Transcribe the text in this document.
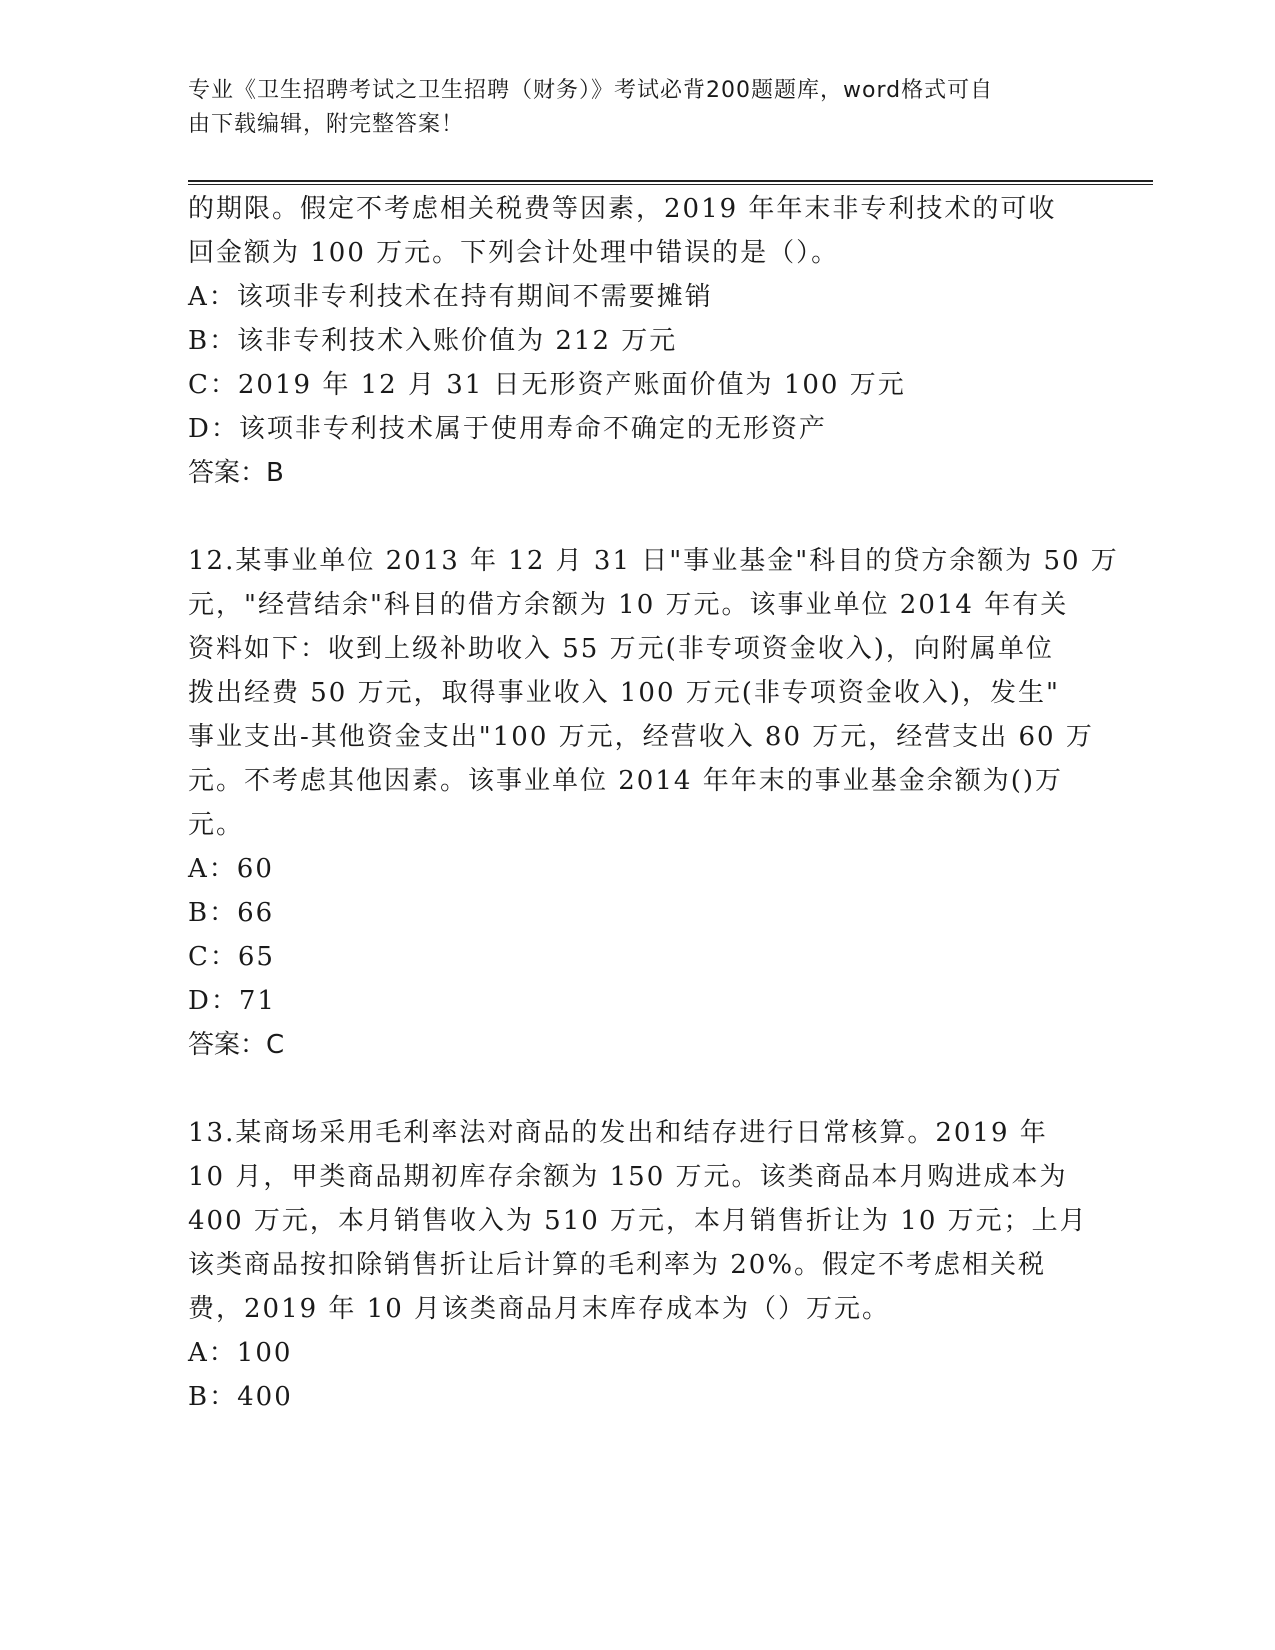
专业《卫生招聘考试之卫生招聘（财务）》考试必背200题题库，word格式可自
由下载编辑，附完整答案！
的期限。假定不考虑相关税费等因素，2019 年年末非专利技术的可收
回金额为 100 万元。下列会计处理中错误的是（）。
A：该项非专利技术在持有期间不需要摊销
B：该非专利技术入账价值为 212 万元
C：2019 年 12 月 31 日无形资产账面价值为 100 万元
D：该项非专利技术属于使用寿命不确定的无形资产
答案：B
12.某事业单位 2013 年 12 月 31 日"事业基金"科目的贷方余额为 50 万
元，"经营结余"科目的借方余额为 10 万元。该事业单位 2014 年有关
资料如下：收到上级补助收入 55 万元(非专项资金收入)，向附属单位
拨出经费 50 万元，取得事业收入 100 万元(非专项资金收入)，发生"
事业支出-其他资金支出"100 万元，经营收入 80 万元，经营支出 60 万
元。不考虑其他因素。该事业单位 2014 年年末的事业基金余额为()万
元。
A：60
B：66
C：65
D：71
答案：C
13.某商场采用毛利率法对商品的发出和结存进行日常核算。2019 年
10 月，甲类商品期初库存余额为 150 万元。该类商品本月购进成本为
400 万元，本月销售收入为 510 万元，本月销售折让为 10 万元；上月
该类商品按扣除销售折让后计算的毛利率为 20%。假定不考虑相关税
费，2019 年 10 月该类商品月末库存成本为（）万元。
A：100
B：400
